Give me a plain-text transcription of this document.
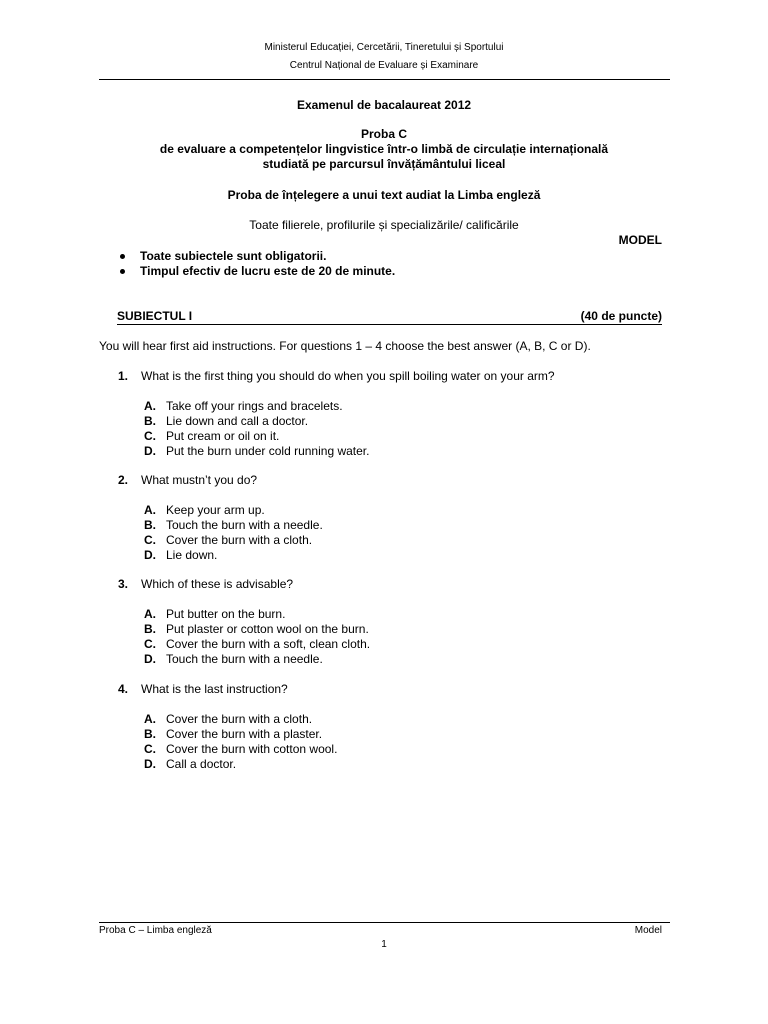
Ministerul Educației, Cercetării, Tineretului și Sportului
Centrul Național de Evaluare și Examinare
Examenul de bacalaureat 2012
Proba C
de evaluare a competențelor lingvistice într-o limbă de circulație internațională
studiată pe parcursul învățământului liceal
Proba de înțelegere a unui text audiat la Limba engleză
Toate filierele, profilurile și specializările/ calificările
MODEL
Toate subiectele sunt obligatorii.
Timpul efectiv de lucru este de 20 de minute.
SUBIECTUL I	(40 de puncte)
You will hear first aid instructions. For questions 1 – 4 choose the best answer (A, B, C or D).
1. What is the first thing you should do when you spill boiling water on your arm?
A. Take off your rings and bracelets.
B. Lie down and call a doctor.
C. Put cream or oil on it.
D. Put the burn under cold running water.
2. What mustn’t you do?
A. Keep your arm up.
B. Touch the burn with a needle.
C. Cover the burn with a cloth.
D. Lie down.
3. Which of these is advisable?
A. Put butter on the burn.
B. Put plaster or cotton wool on the burn.
C. Cover the burn with a soft, clean cloth.
D. Touch the burn with a needle.
4. What is the last instruction?
A. Cover the burn with a cloth.
B. Cover the burn with a plaster.
C. Cover the burn with cotton wool.
D. Call a doctor.
Proba C – Limba engleză	Model
1
